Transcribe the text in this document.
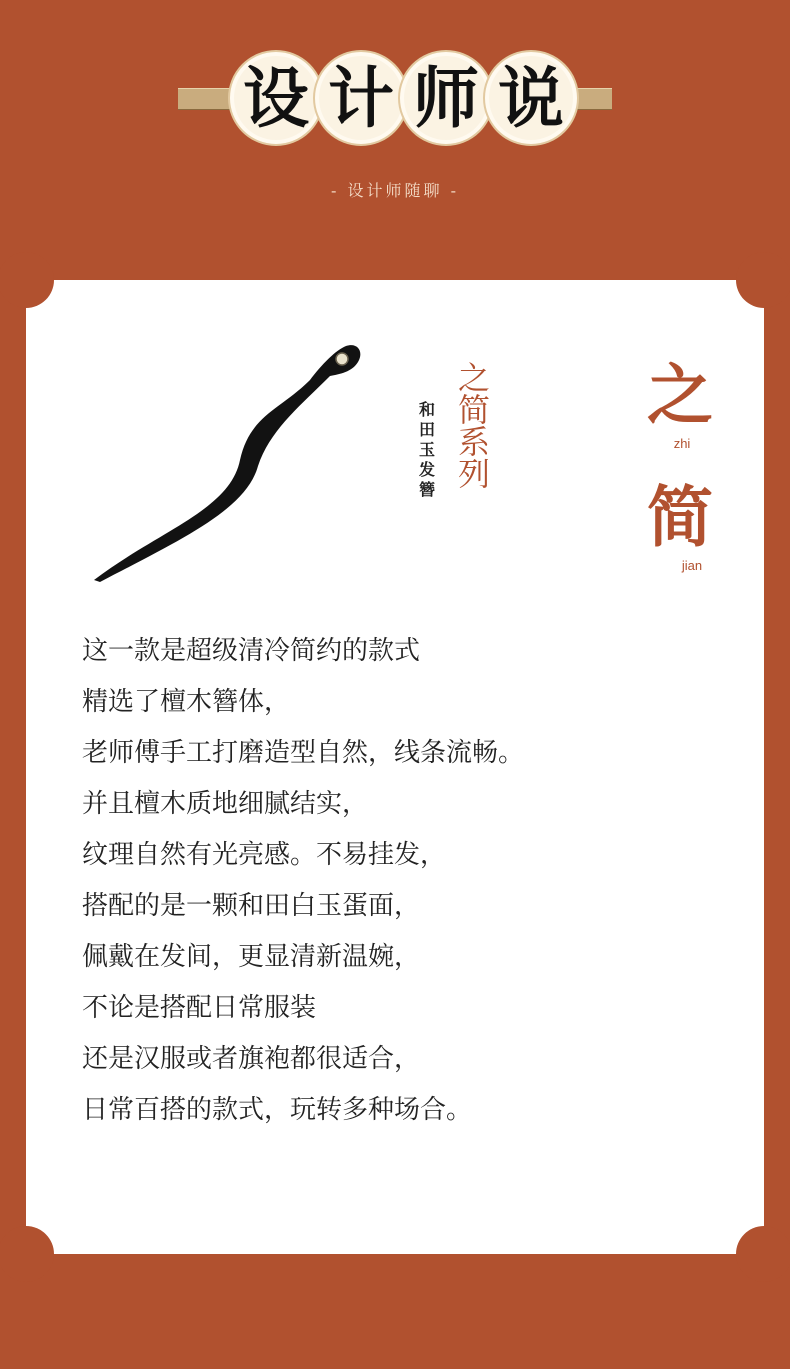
设 计 师 说
- 设计师随聊 -
和
田
玉
发
簪
之
简
系
列
之
zhi
简
jian
这一款是超级清冷简约的款式
精选了檀木簪体，
老师傅手工打磨造型自然，线条流畅。
并且檀木质地细腻结实，
纹理自然有光亮感。不易挂发，
搭配的是一颗和田白玉蛋面，
佩戴在发间，更显清新温婉，
不论是搭配日常服装
还是汉服或者旗袍都很适合，
日常百搭的款式，玩转多种场合。
